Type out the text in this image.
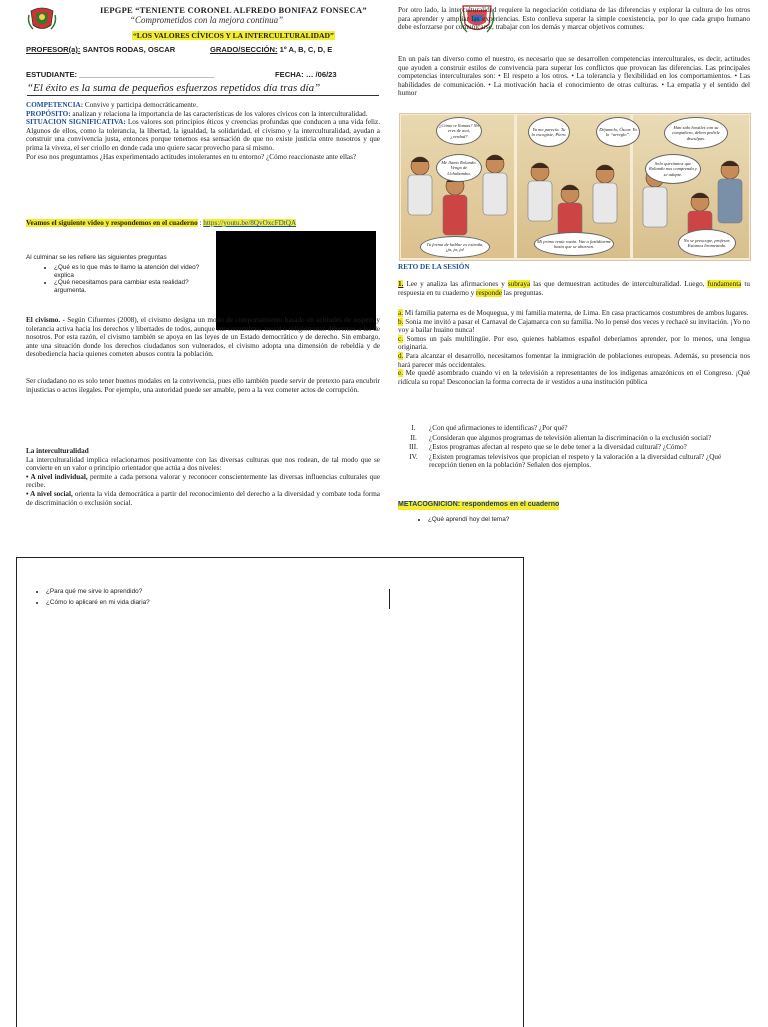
IEPGPE “TENIENTE CORONEL ALFREDO BONIFAZ FONSECA”
“Comprometidos con la mejora continua”
“LOS VALORES CÍVICOS Y LA INTERCULTURALIDAD”
PROFESOR(a): SANTOS RODAS, OSCAR	GRADO/SECCIÓN: 1º A, B, C, D, E
ESTUDIANTE: ________________________________	FECHA: … /06/23
“El éxito es la suma de pequeños esfuerzos repetidos día tras día”

COMPETENCIA: Convive y participa democráticamente.

PROPÓSITO: analizan y relaciona la importancia de las características de los valores cívicos con la interculturalidad.

SITUACION SIGNIFICATIVA: Los valores son principios éticos y creencias profundas que conducen a una vida feliz. Algunos de ellos, como la tolerancia, la libertad, la igualdad, la solidaridad, el civismo y la interculturalidad, ayudan a construir una convivencia justa, entonces porque tenemos esa sensación de que no existe justicia entre nosotros y que prima la viveza, el ser criollo en donde cada uno quiere sacar provecho para sí mismo.

Por eso nos preguntamos ¿Has experimentado actitudes intolerantes en tu entorno? ¿Cómo reaccionaste ante ellas?

Veamos el siguiente video y respondemos en el cuaderno : https://youtu.be/8QvOxcFDtQA

Al culminar se les refiere las siguientes preguntas

• ¿Qué es lo que más te llamo la atención del video? explica
• ¿Qué necesitamos para cambiar esta realidad? argumenta.
El civismo. - Según Cifuentes (2008), el civismo designa un modo de comportamiento basado en actitudes de respeto y tolerancia activa hacia los derechos y libertades de todos, aunque sus costumbres, moral o religión sean diferentes a las de nosotros. Por esta razón, el civismo también se apoya en las leyes de un Estado democrático y de derecho. Sin embargo, ante una situación donde los derechos ciudadanos son vulnerados, el civismo adopta una dimensión de rebeldía y de desobediencia hacia quienes cometen abusos contra la población.
Ser ciudadano no es solo tener buenos modales en la convivencia, pues ello también puede servir de pretexto para encubrir injusticias o actos ilegales. Por ejemplo, una autoridad puede ser amable, pero a la vez cometer actos de corrupción.

La interculturalidad

La interculturalidad implica relacionarnos positivamente con las diversas culturas que nos rodean, de tal modo que se convierte en un valor o principio orientador que actúa a dos niveles:

• A nivel individual, permite a cada persona valorar y reconocer conscientemente las diversas influencias culturales que recibe.

• A nivel social, orienta la vida democrática a partir del reconocimiento del derecho a la diversidad y combate toda forma de discriminación o exclusión social.

Por otro lado, la interculturalidad requiere la negociación cotidiana de las diferencias y explorar la cultura de los otros para aprender y ampliar las experiencias. Esto conlleva superar la simple coexistencia, por lo que cada grupo humano debe esforzarse por comunicarse, trabajar con los demás y marcar objetivos comunes.
En un país tan diverso como el nuestro, es necesario que se desarrollen competencias interculturales, es decir, actitudes que ayuden a construir estilos de convivencia para superar los conflictos que provocan las diferencias. Las principales competencias interculturales son: • El respeto a los otros. • La tolerancia y flexibilidad en los comportamientos. • Las habilidades de comunicación. • La motivación hacia el conocimiento de otras culturas. • La empatía y el sentido del humor
¿Cómo te llamas? No eres de acá, ¿verdad?
Me llamo Rolando. Vengo de Uchubamba.
Tu forma de hablar es extraña, ¡ja, ja, ja!
Ya me parecía. Tu lo escogiste, Piero.
Mi primo tenía razón. Van a fastidiarme hasta que se aburran.
Déjamelo, Óscar. Yo lo “arreglo”.
Han sido hostiles con su compañero, deben pedirle disculpas.
Solo queríamos que Rolando nos comprenda y se adapte.
No se preocupe, profesor. Estamos bromeando.
RETO DE LA SESIÓN
1. Lee y analiza las afirmaciones y subraya las que demuestran actitudes de interculturalidad. Luego, fundamenta tu respuesta en tu cuaderno y responde las preguntas.

a. Mi familia paterna es de Moquegua, y mi familia materna, de Lima. En casa practicamos costumbres de ambos lugares.

b. Sonia me invitó a pasar el Carnaval de Cajamarca con su familia. No lo pensé dos veces y rechacé su invitación. ¡Yo no voy a bailar huaino nunca!

c. Somos un país multilingüe. Por eso, quienes hablamos español deberíamos aprender, por lo menos, una lengua originaria.

d. Para alcanzar el desarrollo, necesitamos fomentar la inmigración de poblaciones europeas. Además, su presencia nos hará parecer más occidentales.

e. Me quedé asombrado cuando vi en la televisión a representantes de los indígenas amazónicos en el Congreso. ¡Qué ridícula su ropa! Desconocían la forma correcta de ir vestidos a una institución pública

I.	¿Con qué afirmaciones te identificas? ¿Por qué?
II.	¿Consideran que algunos programas de televisión alientan la discriminación o la exclusión social?
III.	¿Estos programas afectan al respeto que se le debe tener a la diversidad cultural? ¿Cómo?
IV.	¿Existen programas televisivos que propician el respeto y la valoración a la diversidad cultural? ¿Qué recepción tienen en la población? Señalen dos ejemplos.
METACOGNICION: respondemos en el cuaderno
• ¿Qué aprendí hoy del tema?
• ¿Para qué me sirve lo aprendido?
• ¿Cómo lo aplicaré en mi vida diaria?
